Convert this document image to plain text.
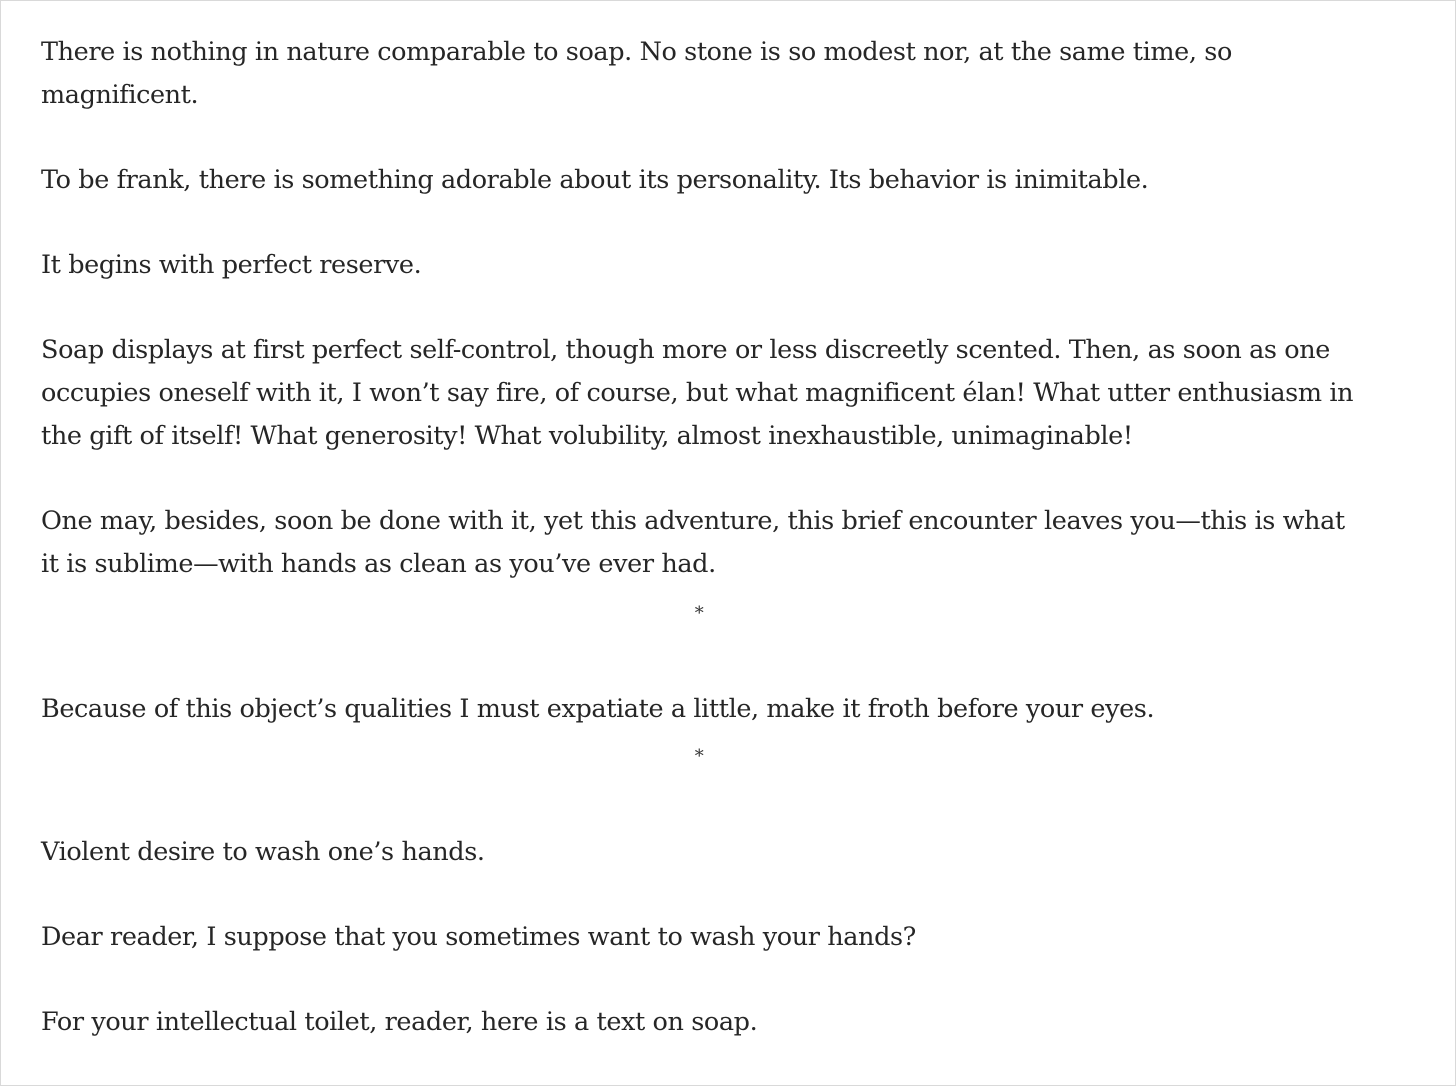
There is nothing in nature comparable to soap. No stone is so modest nor, at the same time, so magnificent.

To be frank, there is something adorable about its personality. Its behavior is inimitable.

It begins with perfect reserve.

Soap displays at first perfect self-control, though more or less discreetly scented. Then, as soon as one occupies oneself with it, I won’t say fire, of course, but what magnificent élan! What utter enthusiasm in the gift of itself! What generosity! What volubility, almost inexhaustible, unimaginable!

One may, besides, soon be done with it, yet this adventure, this brief encounter leaves you—this is what it is sublime—with hands as clean as you’ve ever had.

*

Because of this object’s qualities I must expatiate a little, make it froth before your eyes.

*

Violent desire to wash one’s hands.

Dear reader, I suppose that you sometimes want to wash your hands?

For your intellectual toilet, reader, here is a text on soap.
